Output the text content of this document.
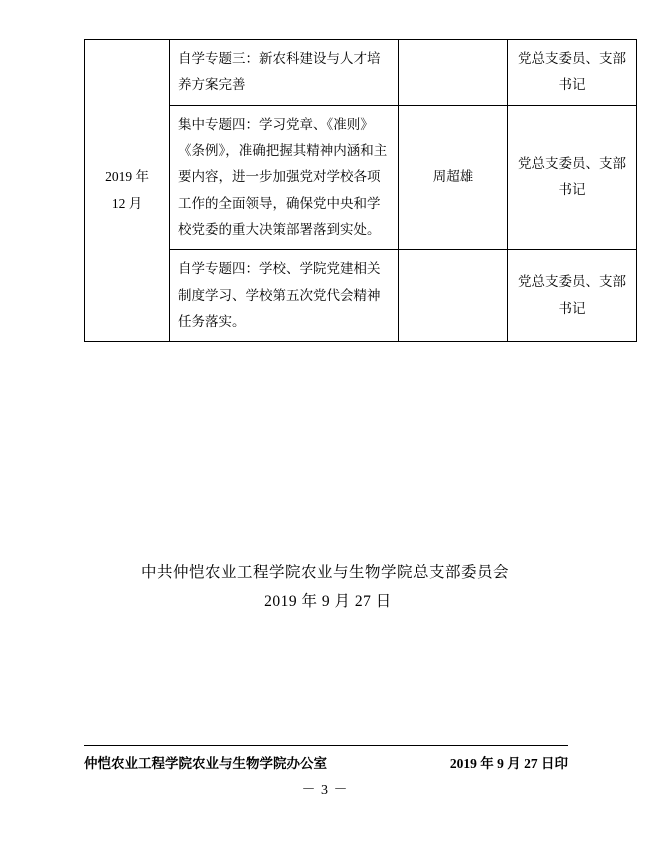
2019 年
12 月	自学专题三：新农科建设与人才培养方案完善		党总支委员、支部书记
	集中专题四：学习党章、《准则》《条例》，准确把握其精神内涵和主要内容，进一步加强党对学校各项工作的全面领导，确保党中央和学校党委的重大决策部署落到实处。	周超雄	党总支委员、支部书记
	自学专题四：学校、学院党建相关制度学习、学校第五次党代会精神任务落实。		党总支委员、支部书记
中共仲恺农业工程学院农业与生物学院总支部委员会
2019 年 9 月 27 日
仲恺农业工程学院农业与生物学院办公室	2019 年 9 月 27 日印
－ 3 －
